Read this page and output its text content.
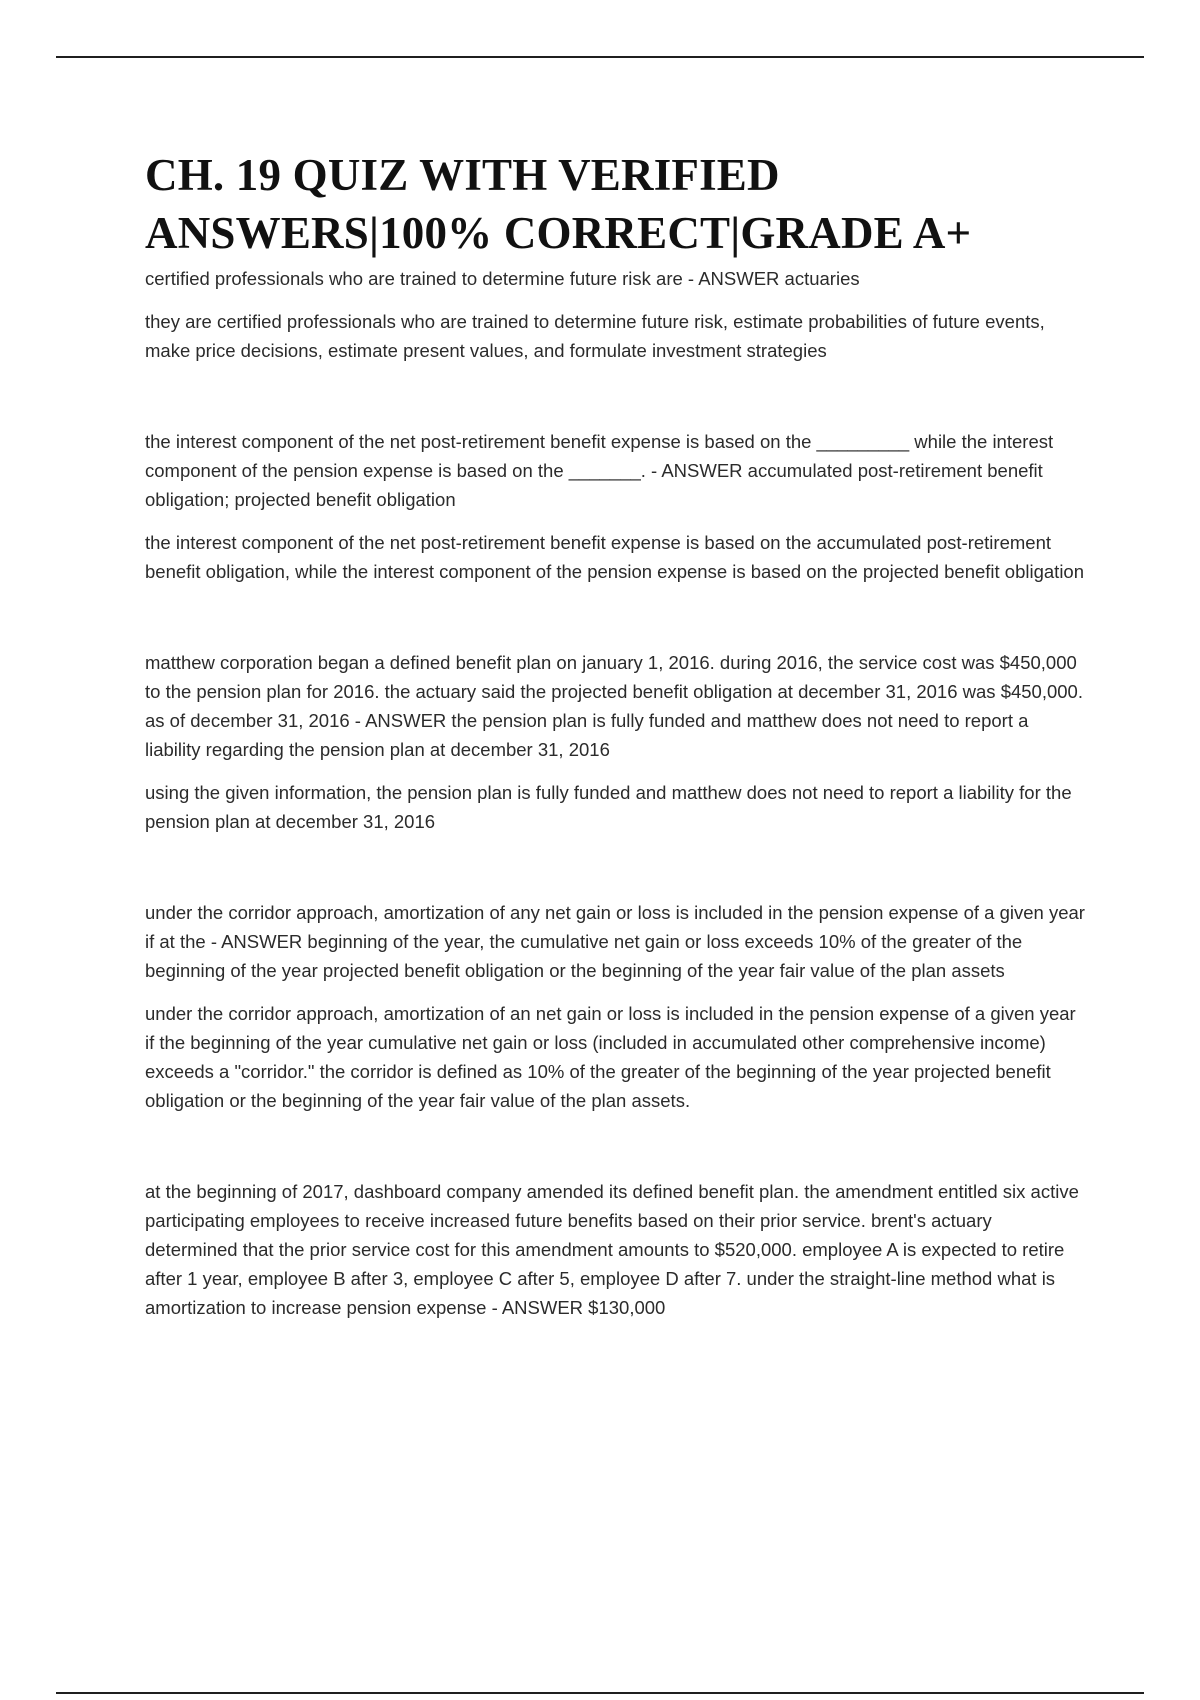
CH. 19 QUIZ WITH VERIFIED
ANSWERS|100% CORRECT|GRADE A+

certified professionals who are trained to determine future risk are - ANSWER actuaries

they are certified professionals who are trained to determine future risk, estimate probabilities of future events, make price decisions, estimate present values, and formulate investment strategies

the interest component of the net post-retirement benefit expense is based on the _________ while the interest component of the pension expense is based on the _______. - ANSWER accumulated post-retirement benefit obligation; projected benefit obligation

the interest component of the net post-retirement benefit expense is based on the accumulated post-retirement benefit obligation, while the interest component of the pension expense is based on the projected benefit obligation

matthew corporation began a defined benefit plan on january 1, 2016. during 2016, the service cost was $450,000 to the pension plan for 2016. the actuary said the projected benefit obligation at december 31, 2016 was $450,000. as of december 31, 2016 - ANSWER the pension plan is fully funded and matthew does not need to report a liability regarding the pension plan at december 31, 2016

using the given information, the pension plan is fully funded and matthew does not need to report a liability for the pension plan at december 31, 2016

under the corridor approach, amortization of any net gain or loss is included in the pension expense of a given year if at the - ANSWER beginning of the year, the cumulative net gain or loss exceeds 10% of the greater of the beginning of the year projected benefit obligation or the beginning of the year fair value of the plan assets

under the corridor approach, amortization of an net gain or loss is included in the pension expense of a given year if the beginning of the year cumulative net gain or loss (included in accumulated other comprehensive income) exceeds a "corridor." the corridor is defined as 10% of the greater of the beginning of the year projected benefit obligation or the beginning of the year fair value of the plan assets.

at the beginning of 2017, dashboard company amended its defined benefit plan. the amendment entitled six active participating employees to receive increased future benefits based on their prior service. brent's actuary determined that the prior service cost for this amendment amounts to $520,000. employee A is expected to retire after 1 year, employee B after 3, employee C after 5, employee D after 7. under the straight-line method what is amortization to increase pension expense - ANSWER $130,000
